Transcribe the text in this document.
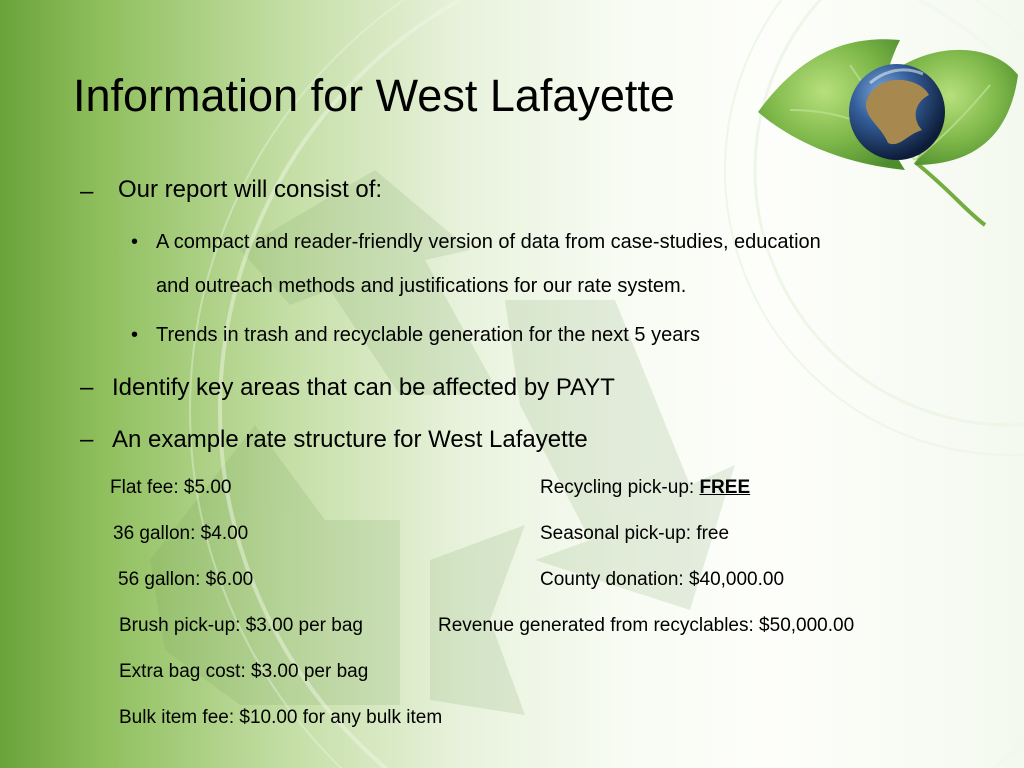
Information for West Lafayette
– Our report will consist of:
• A compact and reader-friendly version of data from case-studies, education
and outreach methods and justifications for our rate system.
• Trends in trash and recyclable generation for the next 5 years
– Identify key areas that can be affected by PAYT
– An example rate structure for West Lafayette
Flat fee: $5.00
36 gallon: $4.00
56 gallon: $6.00
Brush pick-up: $3.00 per bag
Extra bag cost: $3.00 per bag
Bulk item fee: $10.00 for any bulk item
Recycling pick-up: FREE
Seasonal pick-up: free
County donation: $40,000.00
Revenue generated from recyclables: $50,000.00
